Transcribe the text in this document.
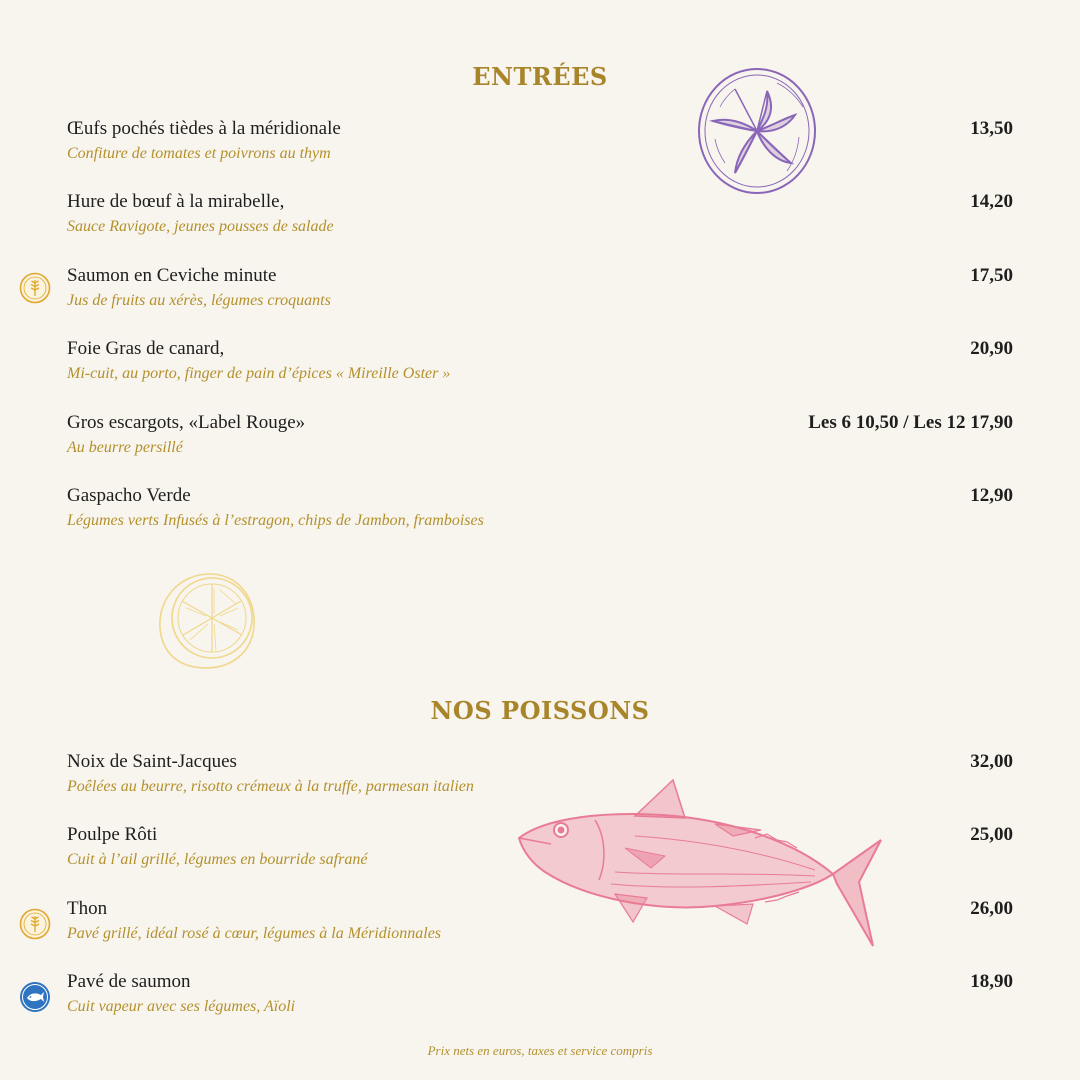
ENTRÉES
Œufs pochés tièdes à la méridionale
Confiture de tomates et poivrons au thym
13,50
Hure de bœuf à la mirabelle,
Sauce Ravigote, jeunes pousses de salade
14,20
Saumon en Ceviche minute
Jus de fruits au xérès, légumes croquants
17,50
Foie Gras de canard,
Mi-cuit, au porto, finger de pain d’épices « Mireille Oster »
20,90
Gros escargots, «Label Rouge»
Au beurre persillé
Les 6 10,50 / Les 12 17,90
Gaspacho Verde
Légumes verts Infusés à l’estragon, chips de Jambon, framboises
12,90
NOS POISSONS
Noix de Saint-Jacques
Poêlées au beurre, risotto crémeux à la truffe, parmesan italien
32,00
Poulpe Rôti
Cuit à l’ail grillé, légumes en bourride safrané
25,00
Thon
Pavé grillé, idéal rosé à cœur, légumes à la Méridionnales
26,00
Pavé de saumon
Cuit vapeur avec ses légumes, Aïoli
18,90
Prix nets en euros, taxes et service compris
